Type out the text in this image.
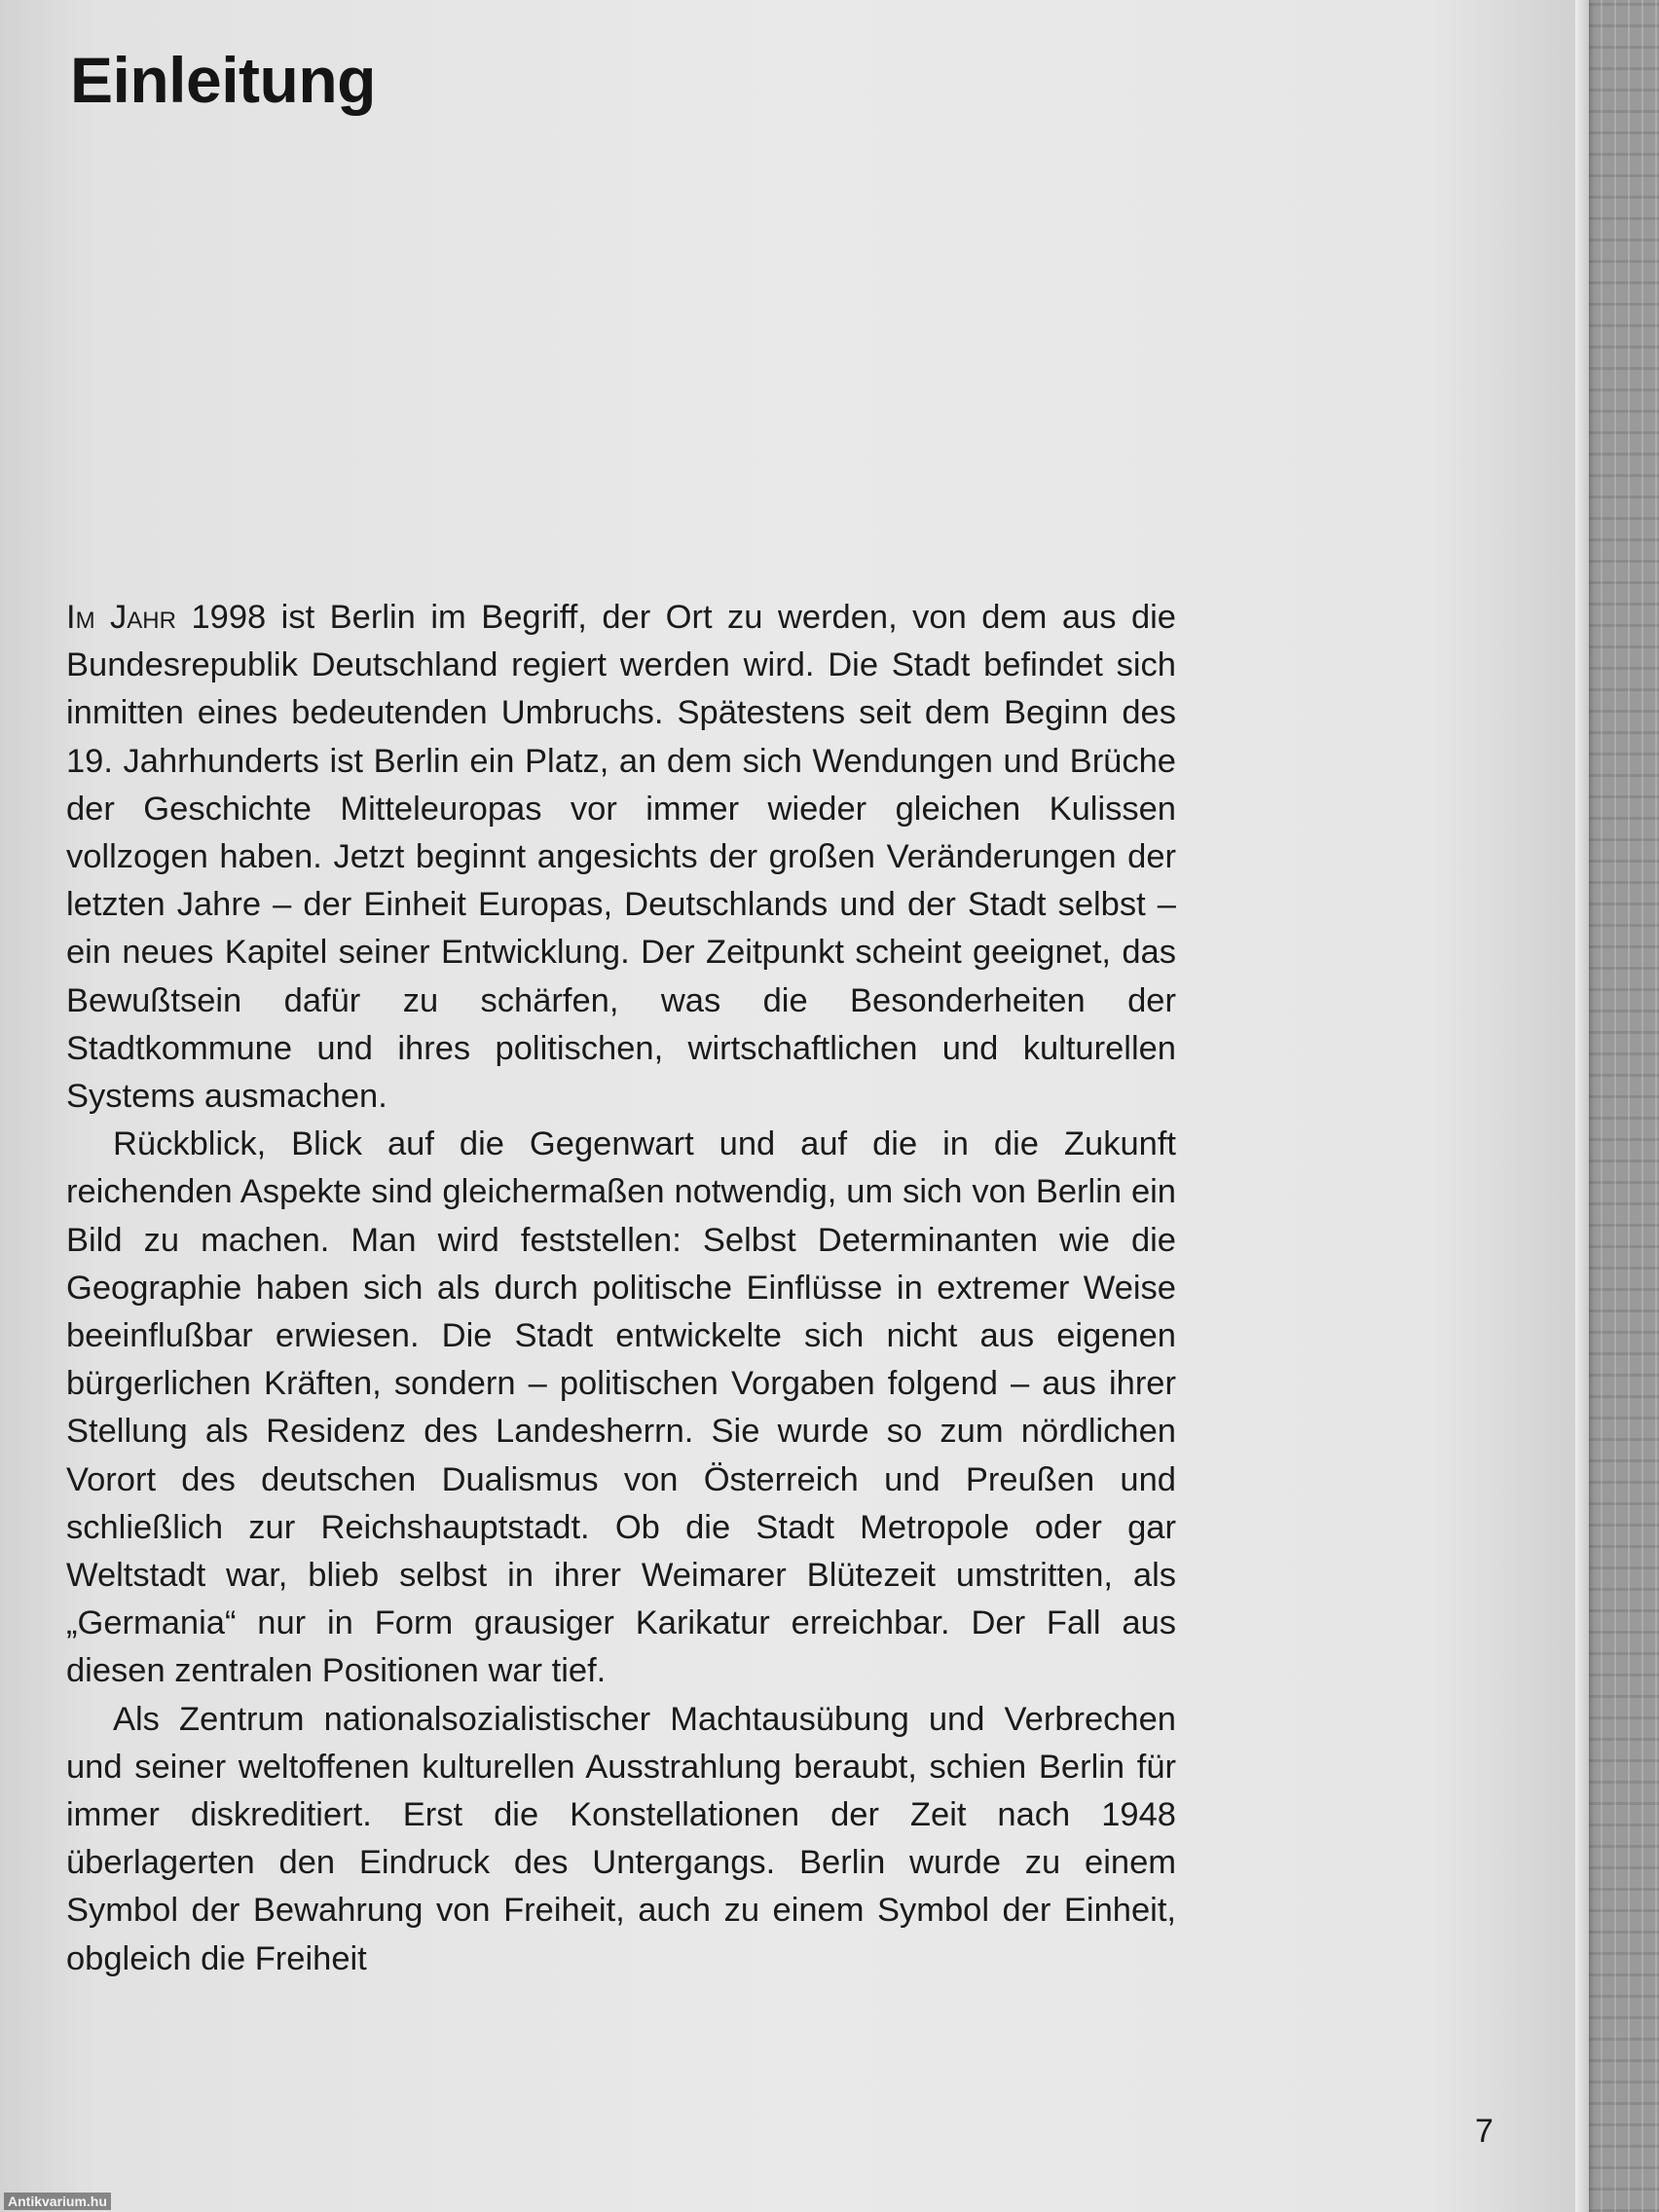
Einleitung

Im Jahr 1998 ist Berlin im Begriff, der Ort zu werden, von dem aus die Bundesrepublik Deutschland regiert werden wird. Die Stadt befindet sich inmitten eines bedeutenden Umbruchs. Spätestens seit dem Beginn des 19. Jahrhunderts ist Berlin ein Platz, an dem sich Wendungen und Brüche der Geschichte Mitteleuropas vor immer wieder gleichen Kulissen vollzogen haben. Jetzt beginnt angesichts der großen Veränderungen der letzten Jahre – der Einheit Europas, Deutschlands und der Stadt selbst – ein neues Kapitel seiner Entwicklung. Der Zeitpunkt scheint geeignet, das Bewußtsein dafür zu schärfen, was die Besonderheiten der Stadtkommune und ihres politischen, wirtschaftlichen und kulturellen Systems ausmachen.

Rückblick, Blick auf die Gegenwart und auf die in die Zukunft reichenden Aspekte sind gleichermaßen notwendig, um sich von Berlin ein Bild zu machen. Man wird feststellen: Selbst Determinanten wie die Geographie haben sich als durch politische Einflüsse in extremer Weise beeinflußbar erwiesen. Die Stadt entwickelte sich nicht aus eigenen bürgerlichen Kräften, sondern – politischen Vorgaben folgend – aus ihrer Stellung als Residenz des Landesherrn. Sie wurde so zum nördlichen Vorort des deutschen Dualismus von Österreich und Preußen und schließlich zur Reichshauptstadt. Ob die Stadt Metropole oder gar Weltstadt war, blieb selbst in ihrer Weimarer Blütezeit umstritten, als „Germania“ nur in Form grausiger Karikatur erreichbar. Der Fall aus diesen zentralen Positionen war tief.

Als Zentrum nationalsozialistischer Machtausübung und Verbrechen und seiner weltoffenen kulturellen Ausstrahlung beraubt, schien Berlin für immer diskreditiert. Erst die Konstellationen der Zeit nach 1948 überlagerten den Eindruck des Untergangs. Berlin wurde zu einem Symbol der Bewahrung von Freiheit, auch zu einem Symbol der Einheit, obgleich die Freiheit

7
Antikvarium.hu
